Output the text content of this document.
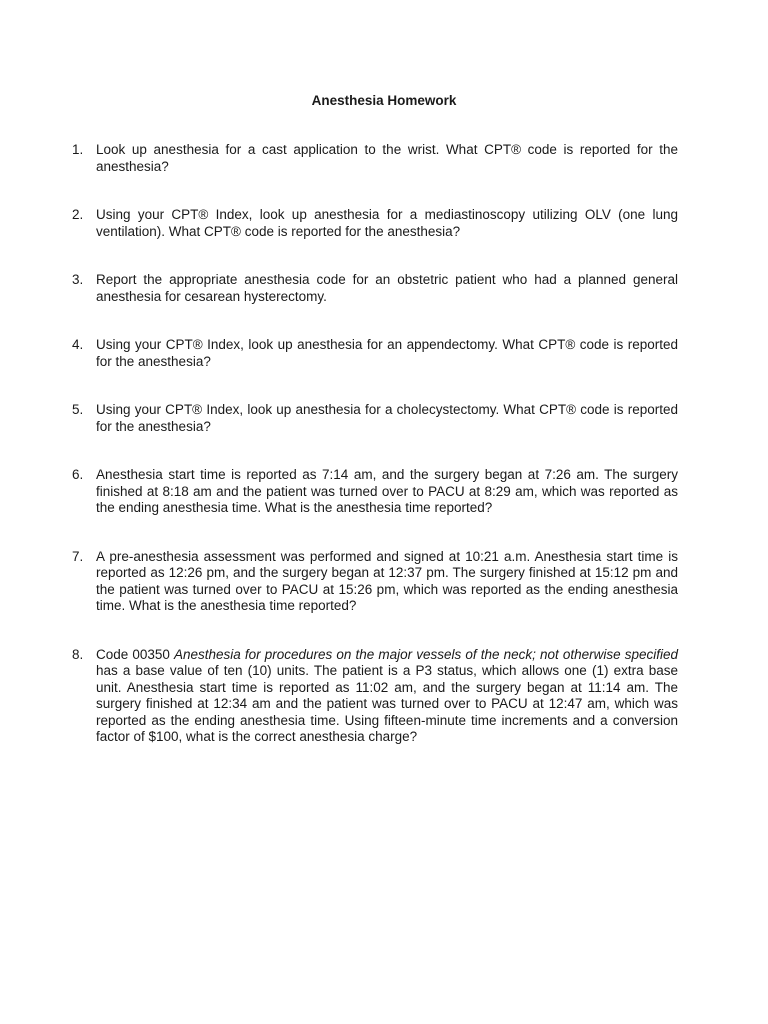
Anesthesia Homework
1. Look up anesthesia for a cast application to the wrist. What CPT® code is reported for the anesthesia?
2. Using your CPT® Index, look up anesthesia for a mediastinoscopy utilizing OLV (one lung ventilation). What CPT® code is reported for the anesthesia?
3. Report the appropriate anesthesia code for an obstetric patient who had a planned general anesthesia for cesarean hysterectomy.
4. Using your CPT® Index, look up anesthesia for an appendectomy. What CPT® code is reported for the anesthesia?
5. Using your CPT® Index, look up anesthesia for a cholecystectomy. What CPT® code is reported for the anesthesia?
6. Anesthesia start time is reported as 7:14 am, and the surgery began at 7:26 am. The surgery finished at 8:18 am and the patient was turned over to PACU at 8:29 am, which was reported as the ending anesthesia time. What is the anesthesia time reported?
7. A pre-anesthesia assessment was performed and signed at 10:21 a.m. Anesthesia start time is reported as 12:26 pm, and the surgery began at 12:37 pm. The surgery finished at 15:12 pm and the patient was turned over to PACU at 15:26 pm, which was reported as the ending anesthesia time. What is the anesthesia time reported?
8. Code 00350 Anesthesia for procedures on the major vessels of the neck; not otherwise specified has a base value of ten (10) units. The patient is a P3 status, which allows one (1) extra base unit. Anesthesia start time is reported as 11:02 am, and the surgery began at 11:14 am. The surgery finished at 12:34 am and the patient was turned over to PACU at 12:47 am, which was reported as the ending anesthesia time. Using fifteen-minute time increments and a conversion factor of $100, what is the correct anesthesia charge?
